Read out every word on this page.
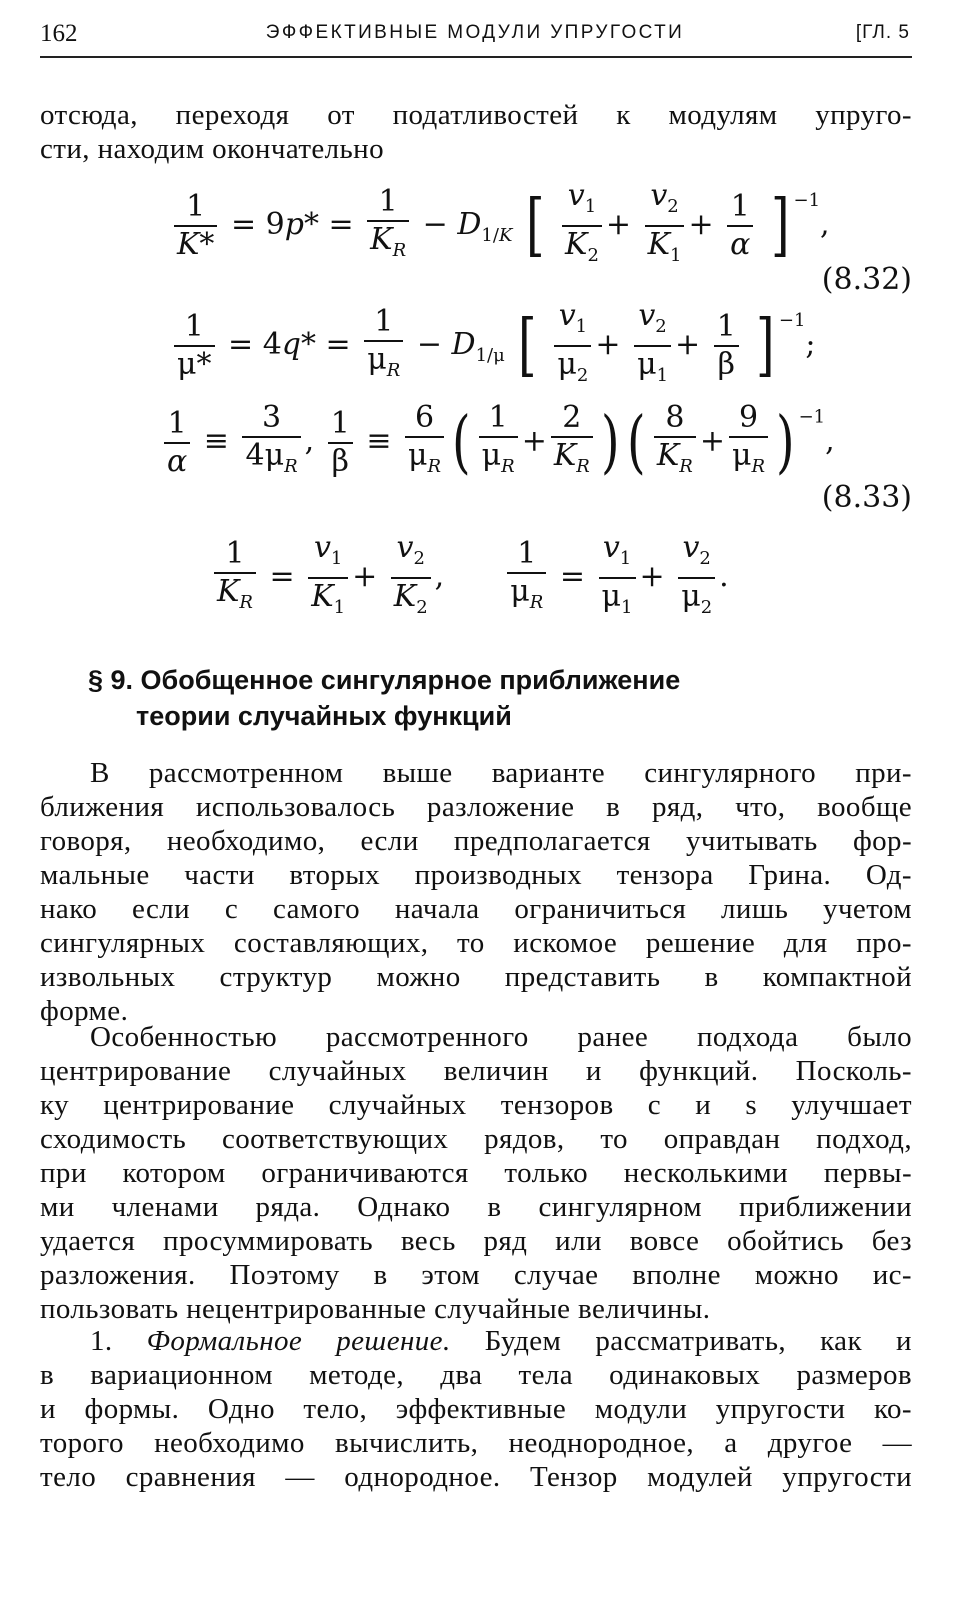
162	ЭФФЕКТИВНЫЕ МОДУЛИ УПРУГОСТИ	[ГЛ. 5

отсюда, переходя от податливостей к модулям упруго-

сти, находим окончательно

$\frac{1}{K*} = 9p* = \frac{1}{K_R} - D_{1/K}$ [ $\frac{v_1}{K_2} + \frac{v_2}{K_1} + \frac{1}{\alpha}$ ] $^{-1}$,
(8.32)
$\frac{1}{\mu*} = 4q* = \frac{1}{\mu_R} - D_{1/\mu}$ [ $\frac{v_1}{\mu_2} + \frac{v_2}{\mu_1} + \frac{1}{\beta}$ ] $^{-1}$;
$\frac{1}{\alpha} \equiv \frac{3}{4\mu_R}$ , $\frac{1}{\beta} \equiv \frac{6}{\mu_R}$ ( $\frac{1}{\mu_R} + \frac{2}{K_R}$ ) ( $\frac{8}{K_R} + \frac{9}{\mu_R}$ ) $^{-1}$,
(8.33)
$\frac{1}{K_R} = \frac{v_1}{K_1} + \frac{v_2}{K_2}$ , $\frac{1}{\mu_R} = \frac{v_1}{\mu_1} + \frac{v_2}{\mu_2}$ .
§ 9. Обобщенное сингулярное приближение
теории случайных функций

В рассмотренном выше варианте сингулярного при-

ближения использовалось разложение в ряд, что, вообще

говоря, необходимо, если предполагается учитывать фор-

мальные части вторых производных тензора Грина. Од-

нако если с самого начала ограничиться лишь учетом

сингулярных составляющих, то искомое решение для про-

извольных структур можно представить в компактной

форме.

Особенностью рассмотренного ранее подхода было

центрирование случайных величин и функций. Посколь-

ку центрирование случайных тензоров c и s улучшает

сходимость соответствующих рядов, то оправдан подход,

при котором ограничиваются только несколькими первы-

ми членами ряда. Однако в сингулярном приближении

удается просуммировать весь ряд или вовсе обойтись без

разложения. Поэтому в этом случае вполне можно ис-

пользовать нецентрированные случайные величины.

1. Формальное решение. Будем рассматривать, как и

в вариационном методе, два тела одинаковых размеров

и формы. Одно тело, эффективные модули упругости ко-

торого необходимо вычислить, неоднородное, а другое —

тело сравнения — однородное. Тензор модулей упругости
